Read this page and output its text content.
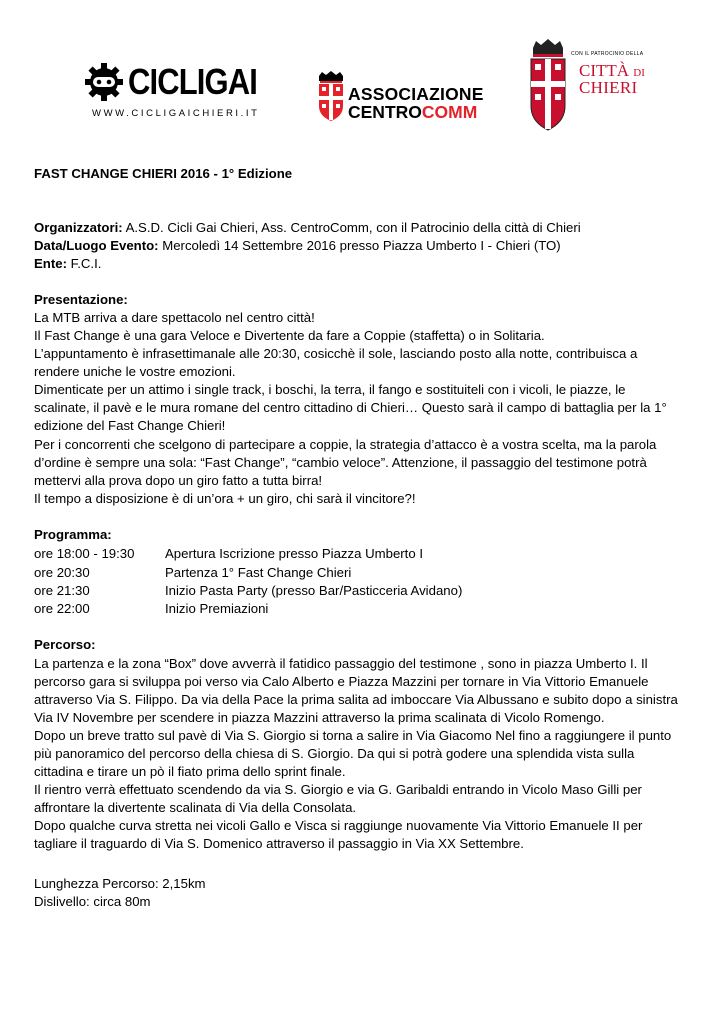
CICLIGAI
WWW.CICLIGAICHIERI.IT
ASSOCIAZIONE
CENTROCOMM
CON IL PATROCINIO DELLA
CITTÀ DI
CHIERI
FAST CHANGE CHIERI 2016 - 1° Edizione
Organizzatori: A.S.D. Cicli Gai Chieri, Ass. CentroComm, con il Patrocinio della città di Chieri
Data/Luogo Evento: Mercoledì 14 Settembre 2016 presso Piazza Umberto I - Chieri (TO)
Ente: F.C.I.
Presentazione:
La MTB arriva a dare spettacolo nel centro città!
Il Fast Change è una gara Veloce e Divertente da fare a Coppie (staffetta) o in Solitaria.
L’appuntamento è infrasettimanale alle 20:30, cosicchè il sole, lasciando posto alla notte, contribuisca a
rendere uniche le vostre emozioni.
Dimenticate per un attimo i single track, i boschi, la terra, il fango e sostituiteli con i vicoli, le piazze, le
scalinate, il pavè e le mura romane del centro cittadino di Chieri… Questo sarà il campo di battaglia per la 1°
edizione del Fast Change Chieri!
Per i concorrenti che scelgono di partecipare a coppie, la strategia d’attacco è a vostra scelta, ma la parola
d’ordine è sempre una sola: “Fast Change”, “cambio veloce”. Attenzione, il passaggio del testimone potrà
mettervi alla prova dopo un giro fatto a tutta birra!
Il tempo a disposizione è di un’ora + un giro, chi sarà il vincitore?!
Programma:
ore 18:00 - 19:30 Apertura Iscrizione presso Piazza Umberto I
ore 20:30	Partenza 1° Fast Change Chieri
ore 21:30	Inizio Pasta Party (presso Bar/Pasticceria Avidano)
ore 22:00	Inizio Premiazioni
Percorso:
La partenza e la zona “Box” dove avverrà il fatidico passaggio del testimone , sono in piazza Umberto I. Il
percorso gara si sviluppa poi verso via Calo Alberto e Piazza Mazzini per tornare in Via Vittorio Emanuele
attraverso Via S. Filippo. Da via della Pace la prima salita ad imboccare Via Albussano e subito dopo a sinistra
Via IV Novembre per scendere in piazza Mazzini attraverso la prima scalinata di Vicolo Romengo.
Dopo un breve tratto sul pavè di Via S. Giorgio si torna a salire in Via Giacomo Nel fino a raggiungere il punto
più panoramico del percorso della chiesa di S. Giorgio. Da qui si potrà godere una splendida vista sulla
cittadina e tirare un pò il fiato prima dello sprint finale.
Il rientro verrà effettuato scendendo da via S. Giorgio e via G. Garibaldi entrando in Vicolo Maso Gilli per
affrontare la divertente scalinata di Via della Consolata.
Dopo qualche curva stretta nei vicoli Gallo e Visca si raggiunge nuovamente Via Vittorio Emanuele II per
tagliare il traguardo di Via S. Domenico attraverso il passaggio in Via XX Settembre.
Lunghezza Percorso: 2,15km
Dislivello: circa 80m
